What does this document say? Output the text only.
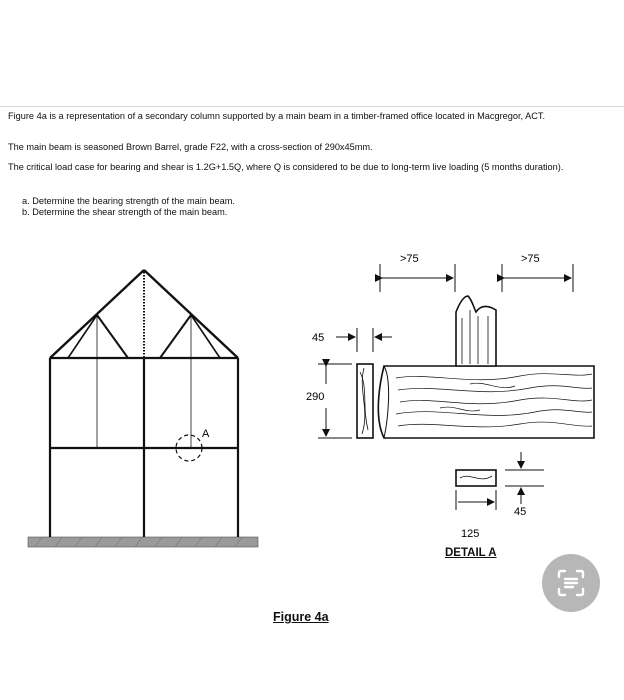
Figure 4a is a representation of a secondary column supported by a main beam in a timber-framed office located in Macgregor, ACT.
The main beam is seasoned Brown Barrel, grade F22, with a cross-section of 290x45mm.
The critical load case for bearing and shear is 1.2G+1.5Q, where Q is considered to be due to long-term live loading (5 months duration).
a. Determine the bearing strength of the main beam.
b. Determine the shear strength of the main beam.
A
>75	>75
45
290
45
125
DETAIL A
Figure 4a
